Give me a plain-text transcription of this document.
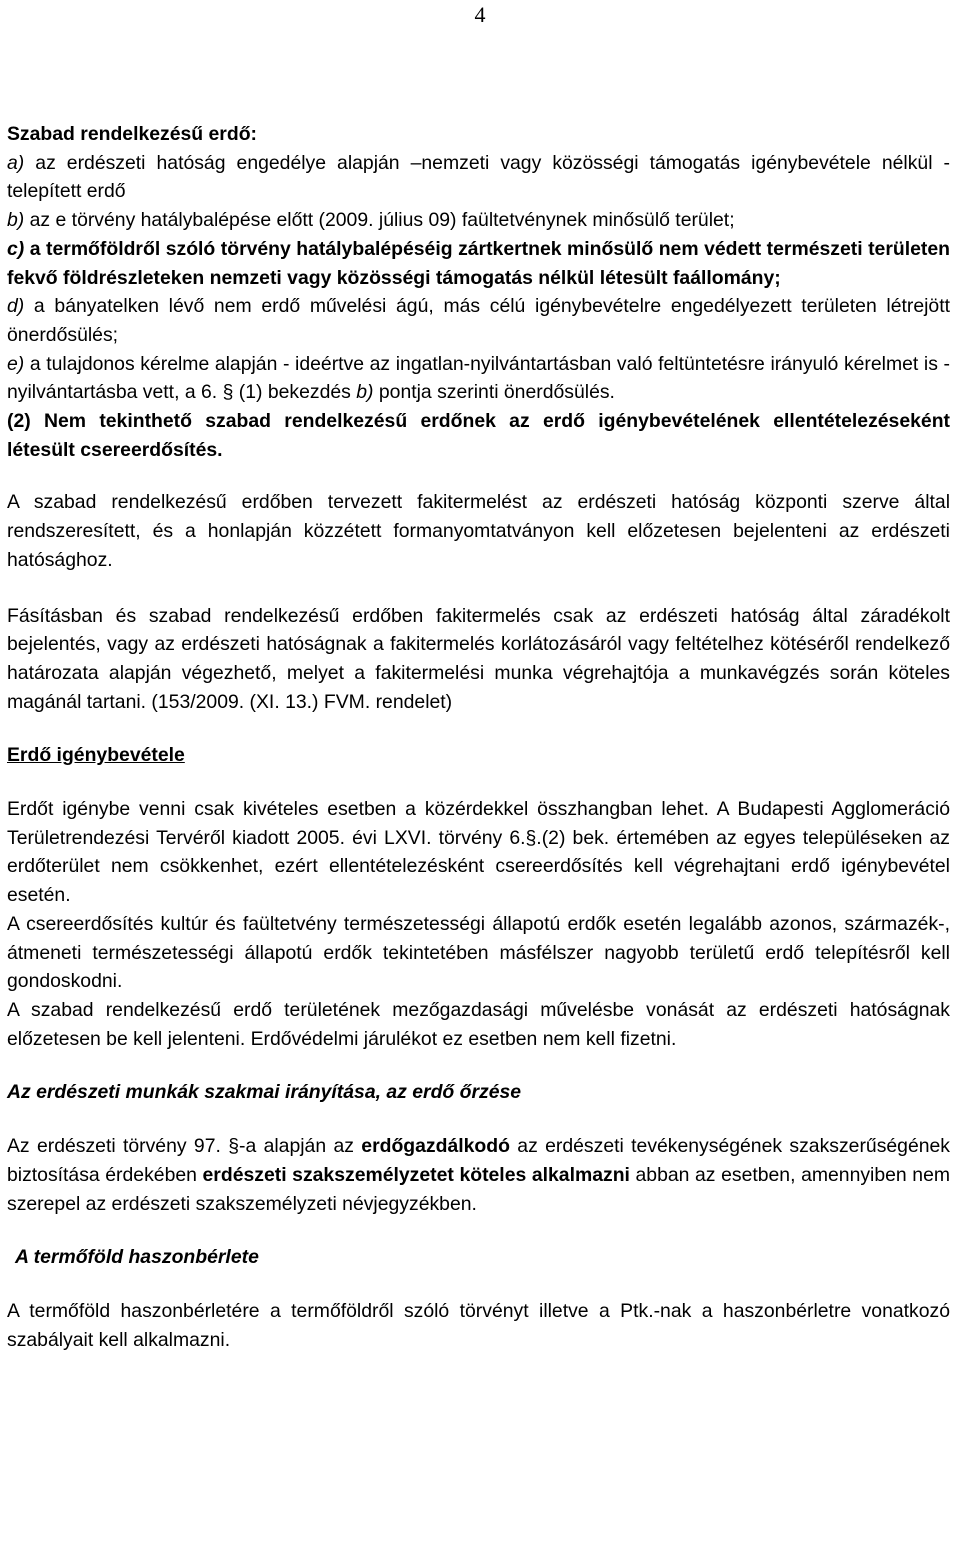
4

Szabad rendelkezésű erdő:

a) az erdészeti hatóság engedélye alapján –nemzeti vagy közösségi támogatás igénybevétele nélkül -telepített erdő

b) az e törvény hatálybalépése előtt (2009. július 09) faültetvénynek minősülő terület;

c) a termőföldről szóló törvény hatálybalépéséig zártkertnek minősülő nem védett természeti területen fekvő földrészleteken nemzeti vagy közösségi támogatás nélkül létesült faállomány;

d) a bányatelken lévő nem erdő művelési ágú, más célú igénybevételre engedélyezett területen létrejött önerdősülés;

e) a tulajdonos kérelme alapján - ideértve az ingatlan-nyilvántartásban való feltüntetésre irányuló kérelmet is - nyilvántartásba vett, a 6. § (1) bekezdés b) pontja szerinti önerdősülés.

(2) Nem tekinthető szabad rendelkezésű erdőnek az erdő igénybevételének ellentételezéseként létesült csereerdősítés.

A szabad rendelkezésű erdőben tervezett fakitermelést az erdészeti hatóság központi szerve által rendszeresített, és a honlapján közzétett formanyomtatványon kell előzetesen bejelenteni az erdészeti hatósághoz.

Fásításban és szabad rendelkezésű erdőben fakitermelés csak az erdészeti hatóság által záradékolt bejelentés, vagy az erdészeti hatóságnak a fakitermelés korlátozásáról vagy feltételhez kötéséről rendelkező határozata alapján végezhető, melyet a fakitermelési munka végrehajtója a munkavégzés során köteles magánál tartani. (153/2009. (XI. 13.) FVM. rendelet)

Erdő igénybevétele

Erdőt igénybe venni csak kivételes esetben a közérdekkel összhangban lehet. A Budapesti Agglomeráció Területrendezési Tervéről kiadott 2005. évi LXVI. törvény 6.§.(2) bek. értemében az egyes településeken az erdőterület nem csökkenhet, ezért ellentételezésként csereerdősítés kell végrehajtani erdő igénybevétel esetén.

A csereerdősítés kultúr és faültetvény természetességi állapotú erdők esetén legalább azonos, származék-, átmeneti természetességi állapotú erdők tekintetében másfélszer nagyobb területű erdő telepítésről kell gondoskodni.

A szabad rendelkezésű erdő területének mezőgazdasági művelésbe vonását az erdészeti hatóságnak előzetesen be kell jelenteni. Erdővédelmi járulékot ez esetben nem kell fizetni.

Az erdészeti munkák szakmai irányítása, az erdő őrzése

Az erdészeti törvény 97. §-a alapján az erdőgazdálkodó az erdészeti tevékenységének szakszerűségének biztosítása érdekében erdészeti szakszemélyzetet köteles alkalmazni abban az esetben, amennyiben nem szerepel az erdészeti szakszemélyzeti névjegyzékben.

A termőföld haszonbérlete

A termőföld haszonbérletére a termőföldről szóló törvényt illetve a Ptk.-nak a haszonbérletre vonatkozó szabályait kell alkalmazni.
